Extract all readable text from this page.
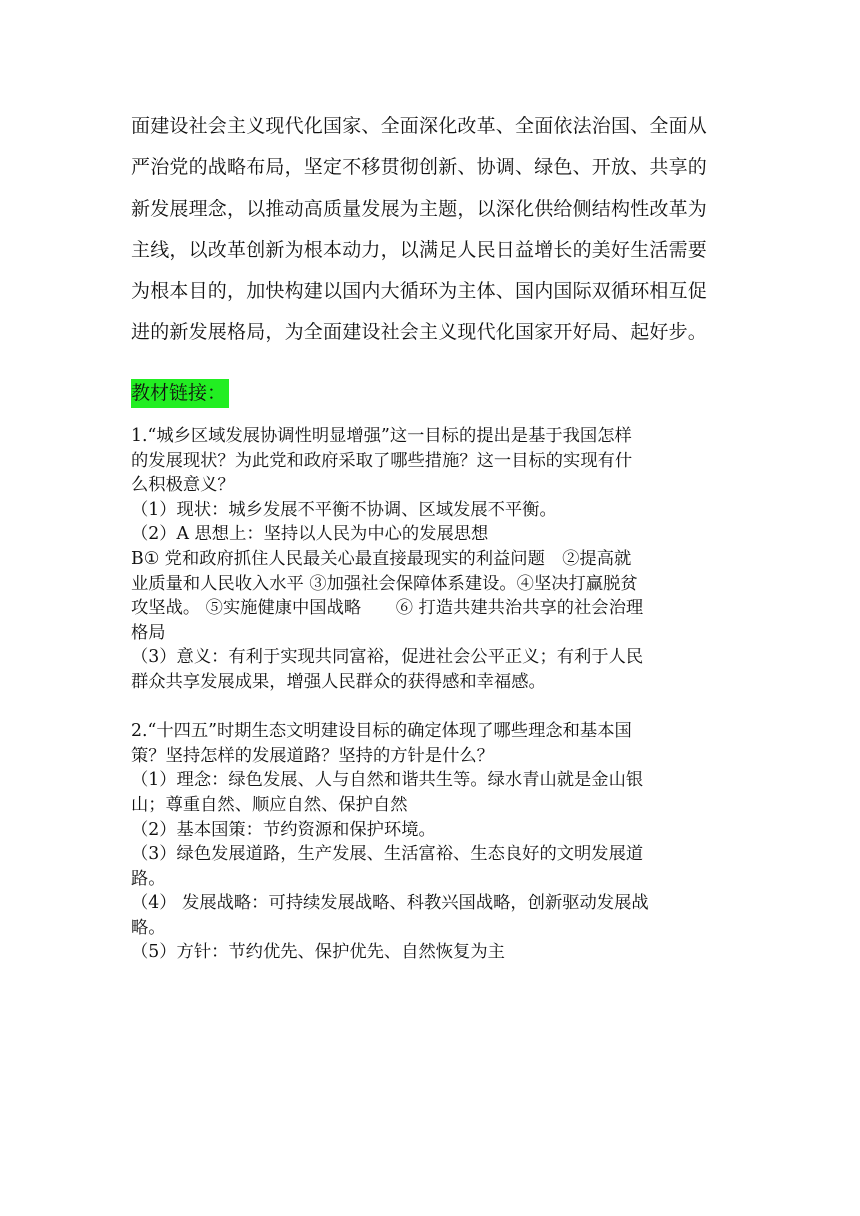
面建设社会主义现代化国家、全面深化改革、全面依法治国、全面从
严治党的战略布局，坚定不移贯彻创新、协调、绿色、开放、共享的
新发展理念，以推动高质量发展为主题，以深化供给侧结构性改革为
主线，以改革创新为根本动力，以满足人民日益增长的美好生活需要
为根本目的，加快构建以国内大循环为主体、国内国际双循环相互促
进的新发展格局，为全面建设社会主义现代化国家开好局、起好步。
教材链接：
1.“城乡区域发展协调性明显增强”这一目标的提出是基于我国怎样
的发展现状？为此党和政府采取了哪些措施？这一目标的实现有什
么积极意义？
（1）现状：城乡发展不平衡不协调、区域发展不平衡。
（2）A 思想上：坚持以人民为中心的发展思想
B① 党和政府抓住人民最关心最直接最现实的利益问题　②提高就
业质量和人民收入水平 ③加强社会保障体系建设。④坚决打赢脱贫
攻坚战。 ⑤实施健康中国战略　　⑥ 打造共建共治共享的社会治理
格局
（3）意义：有利于实现共同富裕，促进社会公平正义；有利于人民
群众共享发展成果，增强人民群众的获得感和幸福感。
2.“十四五”时期生态文明建设目标的确定体现了哪些理念和基本国
策？坚持怎样的发展道路？坚持的方针是什么？
（1）理念：绿色发展、人与自然和谐共生等。绿水青山就是金山银
山；尊重自然、顺应自然、保护自然
（2）基本国策：节约资源和保护环境。
（3）绿色发展道路，生产发展、生活富裕、生态良好的文明发展道
路。
（4） 发展战略：可持续发展战略、科教兴国战略，创新驱动发展战
略。
（5）方针：节约优先、保护优先、自然恢复为主
